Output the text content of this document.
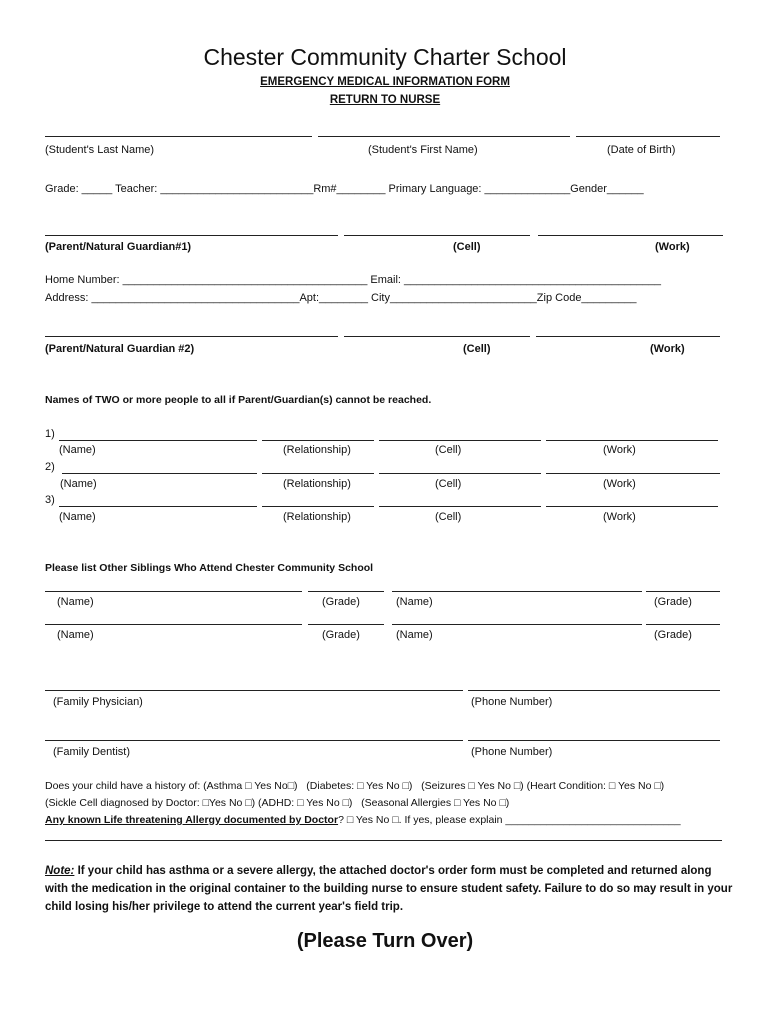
Chester Community Charter School
EMERGENCY MEDICAL INFORMATION FORM
RETURN TO NURSE
(Student's Last Name)	(Student's First Name)	(Date of Birth)
Grade: _____ Teacher: _________________________Rm#________ Primary Language: ______________Gender______
(Parent/Natural Guardian#1)	(Cell)	(Work)
Home Number: ________________________________________ Email: __________________________________________
Address: __________________________________Apt:________ City________________________Zip Code_________
(Parent/Natural Guardian #2)	(Cell)	(Work)
Names of TWO or more people to all if Parent/Guardian(s) cannot be reached.
1)
(Name)	(Relationship)	(Cell)	(Work)
2)
(Name)	(Relationship)	(Cell)	(Work)
3)
(Name)	(Relationship)	(Cell)	(Work)
Please list Other Siblings Who Attend Chester Community School
(Name)	(Grade)	(Name)	(Grade)
(Name)	(Grade)	(Name)	(Grade)
(Family Physician)	(Phone Number)
(Family Dentist)	(Phone Number)
Does your child have a history of: (Asthma □ Yes No□)   (Diabetes: □ Yes No □)   (Seizures □ Yes No □) (Heart Condition: □ Yes No □)
(Sickle Cell diagnosed by Doctor: □Yes No □) (ADHD: □ Yes No □)   (Seasonal Allergies □ Yes No □)
Any known Life threatening Allergy documented by Doctor? □ Yes No □. If yes, please explain ______________________________
Note: If your child has asthma or a severe allergy, the attached doctor's order form must be completed and returned along with the medication in the original container to the building nurse to ensure student safety. Failure to do so may result in your child losing his/her privilege to attend the current year's field trip.
(Please Turn Over)
